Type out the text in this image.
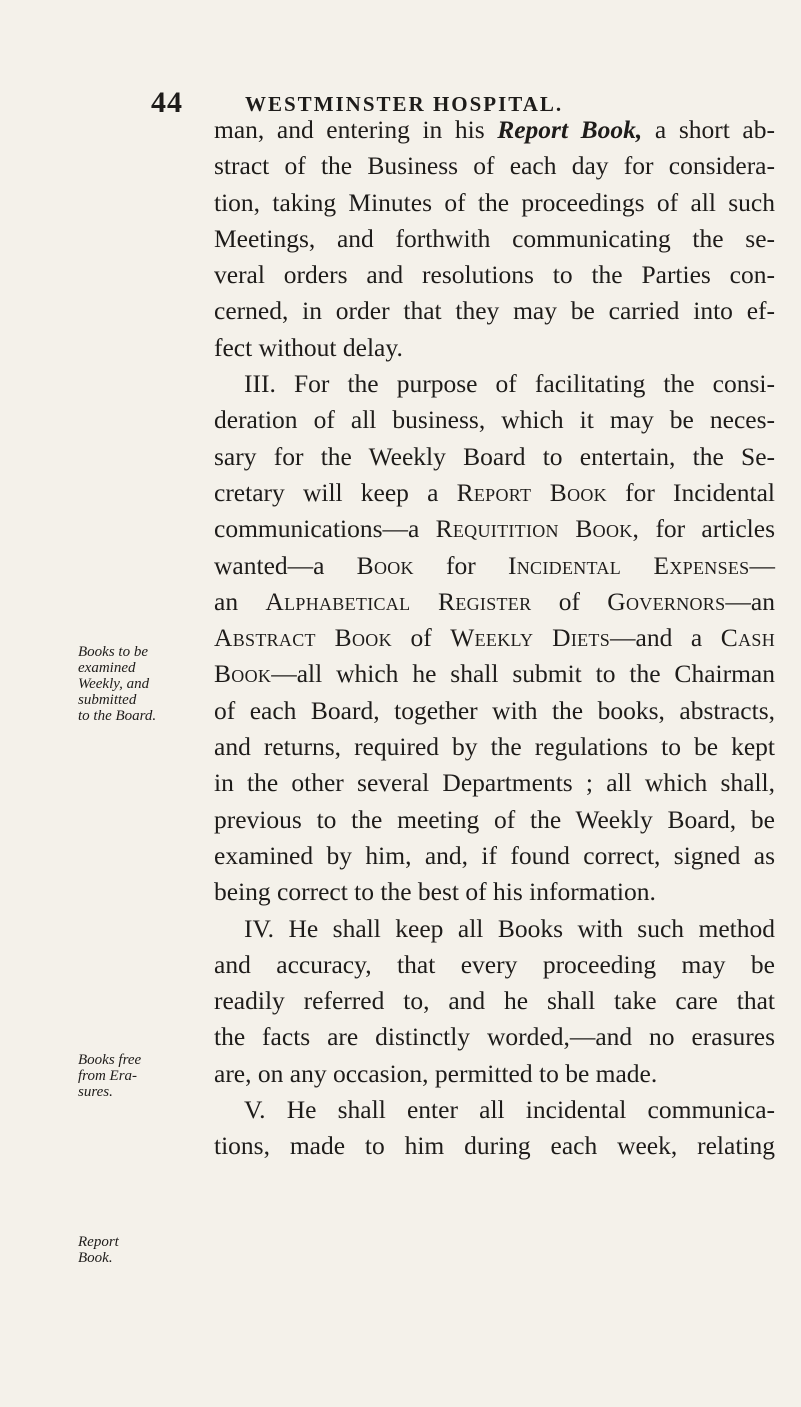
44	WESTMINSTER HOSPITAL.
Books to be
examined
Weekly, and
submitted
to the Board.
Books free
from Era-
sures.
Report
Book.
man, and entering in his Report Book, a short ab-
stract of the Business of each day for considera-
tion, taking Minutes of the proceedings of all such
Meetings, and forthwith communicating the se-
veral orders and resolutions to the Parties con-
cerned, in order that they may be carried into ef-
fect without delay.
III. For the purpose of facilitating the consi-
deration of all business, which it may be neces-
sary for the Weekly Board to entertain, the Se-
cretary will keep a Report Book for Incidental
communications—a Requitition Book, for articles
wanted—a Book for Incidental Expenses—
an Alphabetical Register of Governors—an
Abstract Book of Weekly Diets—and a Cash
Book—all which he shall submit to the Chairman
of each Board, together with the books, abstracts,
and returns, required by the regulations to be kept
in the other several Departments ; all which shall,
previous to the meeting of the Weekly Board, be
examined by him, and, if found correct, signed as
being correct to the best of his information.
IV. He shall keep all Books with such method
and accuracy, that every proceeding may be
readily referred to, and he shall take care that
the facts are distinctly worded,—and no erasures
are, on any occasion, permitted to be made.
V. He shall enter all incidental communica-
tions, made to him during each week, relating
